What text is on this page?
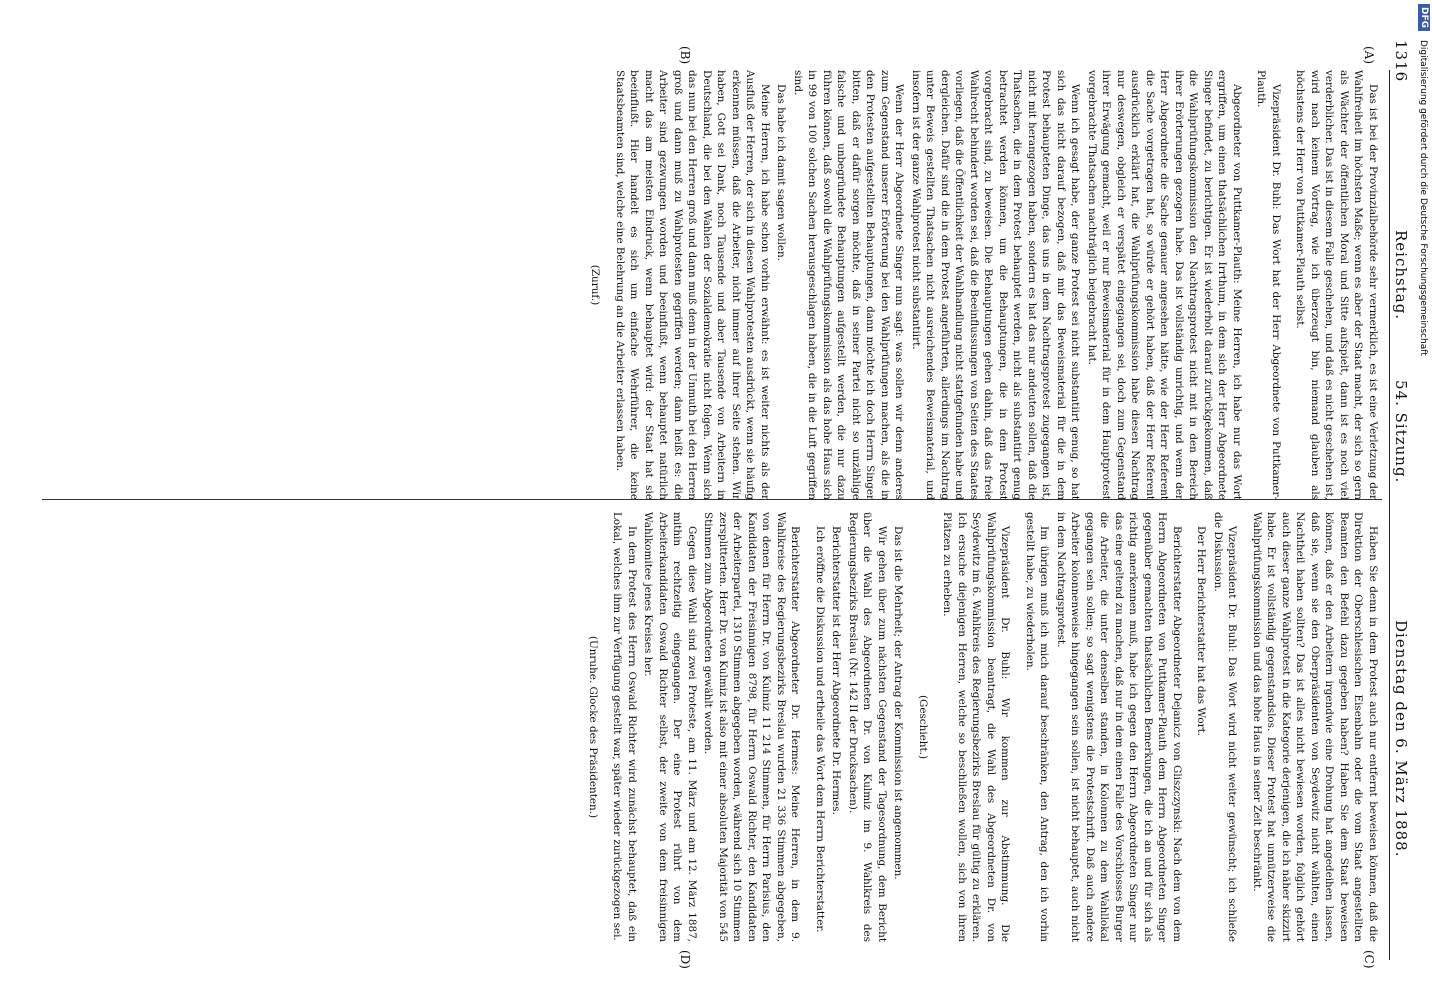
1316
Reichstag.
54. Sitzung.
Dienstag den 6. März 1888.
(A)
(B)
(C)
(D)

Das ist bei der Provinzialbehörde sehr vermerklich, es ist eine Verletzung der Wahlfreiheit im höchsten Maße; wenn es aber der Staat macht, der sich so gern als Wächter der öffentlichen Moral und Sitte aufspielt, dann ist es noch viel verderblicher. Das ist in diesem Falle geschehen, und daß es nicht geschehen ist, wird nach keinem Vortrag, wie ich überzeugt bin, niemand glauben als höchstens der Herr von Puttkamer-Plauth selbst.

Vizepräsident Dr. Buhl: Das Wort hat der Herr Abgeordnete von Puttkamer-Plauth.

Abgeordneter von Puttkamer-Plauth: Meine Herren, ich habe nur das Wort ergriffen, um einen thatsächlichen Irrthum, in dem sich der Herr Abgeordnete Singer befindet, zu berichtigen. Er ist wiederholt darauf zurückgekommen, daß die Wahlprüfungskommission den Nachtragsprotest nicht mit in den Bereich ihrer Erörterungen gezogen habe. Das ist vollständig unrichtig, und wenn der Herr Abgeordnete die Sache genauer angesehen hätte, wie der Herr Referent die Sache vorgetragen hat, so würde er gehört haben, daß der Herr Referent ausdrücklich erklärt hat, die Wahlprüfungskommission habe diesen Nachtrag nur deswegen, obgleich er verspätet eingegangen sei, doch zum Gegenstand ihrer Erwägung gemacht, weil er nur Beweismaterial für in dem Hauptprotest vorgebrachte Thatsachen nachträglich beigebracht hat.

Wenn ich gesagt habe, der ganze Protest sei nicht substantiirt genug, so hat sich das nicht darauf bezogen, daß mir das Beweismaterial für die in dem Protest behaupteten Dinge, das uns in dem Nachtragsprotest zugegangen ist, nicht mit herangezogen haben, sondern es hat das nur andeuten sollen, daß die Thatsachen, die in dem Protest behauptet werden, nicht als substantiirt genug betrachtet werden können, um die Behauptungen, die in dem Protest vorgebracht sind, zu beweisen. Die Behauptungen gehen dahin, daß das freie Wahlrecht behindert worden sei, daß die Beeinflussungen von Seiten des Staates vorliegen, daß die Öffentlichkeit der Wahlhandlung nicht stattgefunden habe und dergleichen. Dafür sind die in dem Protest angeführten, allerdings im Nachtrag unter Beweis gestellten Thatsachen nicht ausreichendes Beweismaterial, und insofern ist der ganze Wahlprotest nicht substantiirt.

Wenn der Herr Abgeordnete Singer nun sagt: was sollen wir denn anderes zum Gegenstand unserer Erörterung bei den Wahlprüfungen machen, als die in den Protesten aufgestellten Behauptungen, dann möchte ich doch Herrn Singer bitten, daß er dafür sorgen möchte, daß in seiner Partei nicht so unzählige falsche und unbegründete Behauptungen aufgestellt werden, die nur dazu führen können, daß sowohl die Wahlprüfungskommission als das hohe Haus sich in 99 von 100 solchen Sachen herausgeschlagen haben, die in die Luft gegriffen sind.

Das habe ich damit sagen wollen.

Meine Herren, ich habe schon vorhin erwähnt: es ist weiter nichts als der Ausfluß der Herren, der sich in diesen Wahlprotesten ausdrückt, wenn sie häufig erkennen müssen, daß die Arbeiter, nicht immer auf ihrer Seite stehen. Wir haben, Gott sei Dank, noch Tausende und aber Tausende von Arbeitern in Deutschland, die bei den Wahlen der Sozialdemokratie nicht folgen. Wenn sich das nun bei den Herren groß und dann muß denn in der Unmuth bei den Herren groß und dann muß zu Wahlprotesten gegriffen werden; dann heißt es: die Arbeiter sind gezwungen worden und beeinflußt, wenn behauptet natürlich macht das am meisten Eindruck, wenn behauptet wird: der Staat hat sie beeinflußt. Hier handelt es sich um einfache Wehrführer, die keine Staatsbeamten sind, welche eine Belehrung an die Arbeiter erlassen haben.

(Zuruf.)

Haben Sie denn in dem Protest auch nur entfernt beweisen können, daß die Direktion der Oberschlesischen Eisenbahn oder die vom Staat angestellten Beamten den Befehl dazu gegeben haben? Haben Sie dem Staat beweisen können, daß er den Arbeitern irgendwie eine Drohung hat angedeihen lassen, daß sie, wenn sie den Oberpräsidenten von Seydewitz nicht wählten, einen Nachtheil haben sollten? Das ist alles nicht bewiesen worden, folglich gehört auch dieser ganze Wahlprotest in die Kategorie derjenigen, die ich näher skizzirt habe. Er ist vollständig gegenstandslos. Dieser Protest hat unnützerweise die Wahlprüfungskommission und das hohe Haus in seiner Zeit beschränkt.

Vizepräsident Dr. Buhl: Das Wort wird nicht weiter gewünscht; ich schließe die Diskussion.

Der Herr Berichterstatter hat das Wort.

Berichterstatter Abgeordneter Dejanicz von Gliszczynski: Nach dem von dem Herrn Abgeordneten von Puttkamer-Plauth dem Herrn Abgeordneten Singer gegenüber gemachten thatsächlichen Bemerkungen, die ich an und für sich als richtig anerkennen muß, habe ich gegen den Herrn Abgeordneten Singer nur das eine geltend zu machen, daß nur in dem einen Falle des Vorschlosses Burger die Arbeiter, die unter denselben standen, in Kolonnen zu dem Wahllokal gegangen sein sollen; so sagt wenigstens die Protestschrift. Daß auch andere Arbeiter kolonnenweise hingegangen sein sollen, ist nicht behauptet, auch nicht in dem Nachtragsprotest.

Im übrigen muß ich mich darauf beschränken, den Antrag, den ich vorhin gestellt habe, zu wiederholen.

Vizepräsident Dr. Buhl: Wir kommen zur Abstimmung. Die Wahlprüfungskommission beantragt, die Wahl des Abgeordneten Dr. von Seydewitz im 6. Wahlkreis des Regierungsbezirks Breslau für gültig zu erklären. Ich ersuche diejenigen Herren, welche so beschließen wollen, sich von ihren Plätzen zu erheben.

(Geschieht.)

Das ist die Mehrheit; der Antrag der Kommission ist angenommen.

Wir gehen über zum nächsten Gegenstand der Tagesordnung, dem Bericht über die Wahl des Abgeordneten Dr. von Kulmiz im 9. Wahlkreis des Regierungsbezirks Breslau (Nr. 142 II der Drucksachen).

Berichterstatter ist der Herr Abgeordnete Dr. Hermes.

Ich eröffne die Diskussion und ertheile das Wort dem Herrn Berichterstatter.

Berichterstatter Abgeordneter Dr. Hermes: Meine Herren, in dem 9. Wahlkreise des Regierungsbezirks Breslau wurden 21 336 Stimmen abgegeben, von denen für Herrn Dr. von Kulmiz 11 214 Stimmen, für Herrn Parisius, den Kandidaten der Freisinnigen 8798, für Herrn Oswald Richter, den Kandidaten der Arbeiterpartei, 1310 Stimmen abgegeben worden, während sich 10 Stimmen zersplitterten. Herr Dr. von Kulmiz ist also mit einer absoluten Majorität von 545 Stimmen zum Abgeordneten gewählt worden.

Gegen diese Wahl sind zwei Proteste, am 11. März und am 12. März 1887, mithin rechtzeitig eingegangen. Der eine Protest rührt von dem Arbeiterkandidaten Oswald Richter selbst, der zweite von dem freisinnigen Wahlkomitee jenes Kreises her.

In dem Protest des Herrn Oswald Richter wird zunächst behauptet, daß ein Lokal, welches ihm zur Verfügung gestellt war, später wieder zurückgezogen sei.

(Unruhe. Glocke des Präsidenten.)

DFG
Digitalisierung gefördert durch die Deutsche Forschungsgemeinschaft
